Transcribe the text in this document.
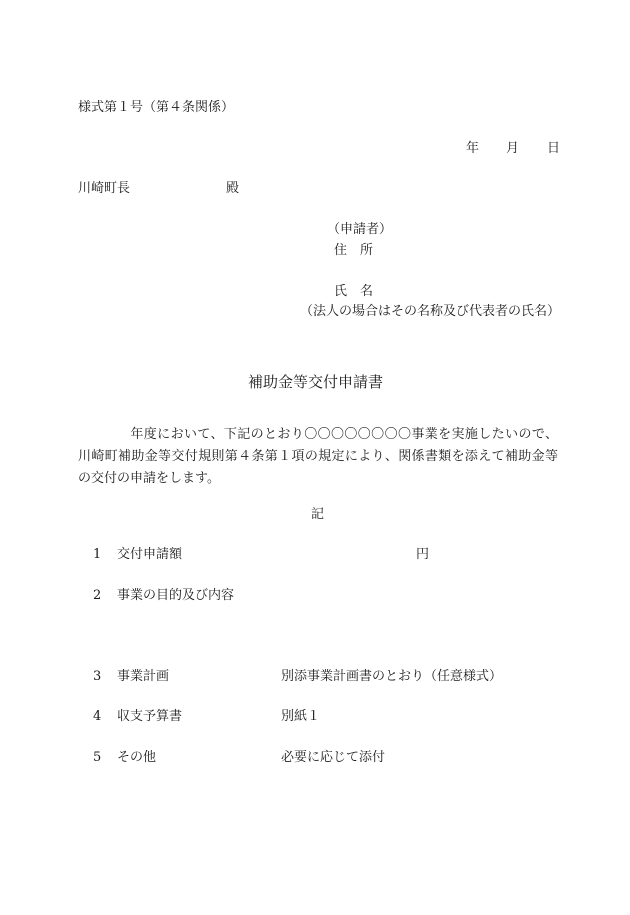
様式第１号（第４条関係）
年 月 日
川崎町長	殿
（申請者）
住　所
氏　名
（法人の場合はその名称及び代表者の氏名）
補助金等交付申請書
年度において、下記のとおり〇〇〇〇〇〇〇〇事業を実施したいので、川崎町補助金等交付規則第４条第１項の規定により、関係書類を添えて補助金等の交付の申請をします。
記
1 交付申請額	円
2 事業の目的及び内容
3 事業計画	別添事業計画書のとおり（任意様式）
4 収支予算書	別紙１
5 その他	必要に応じて添付
